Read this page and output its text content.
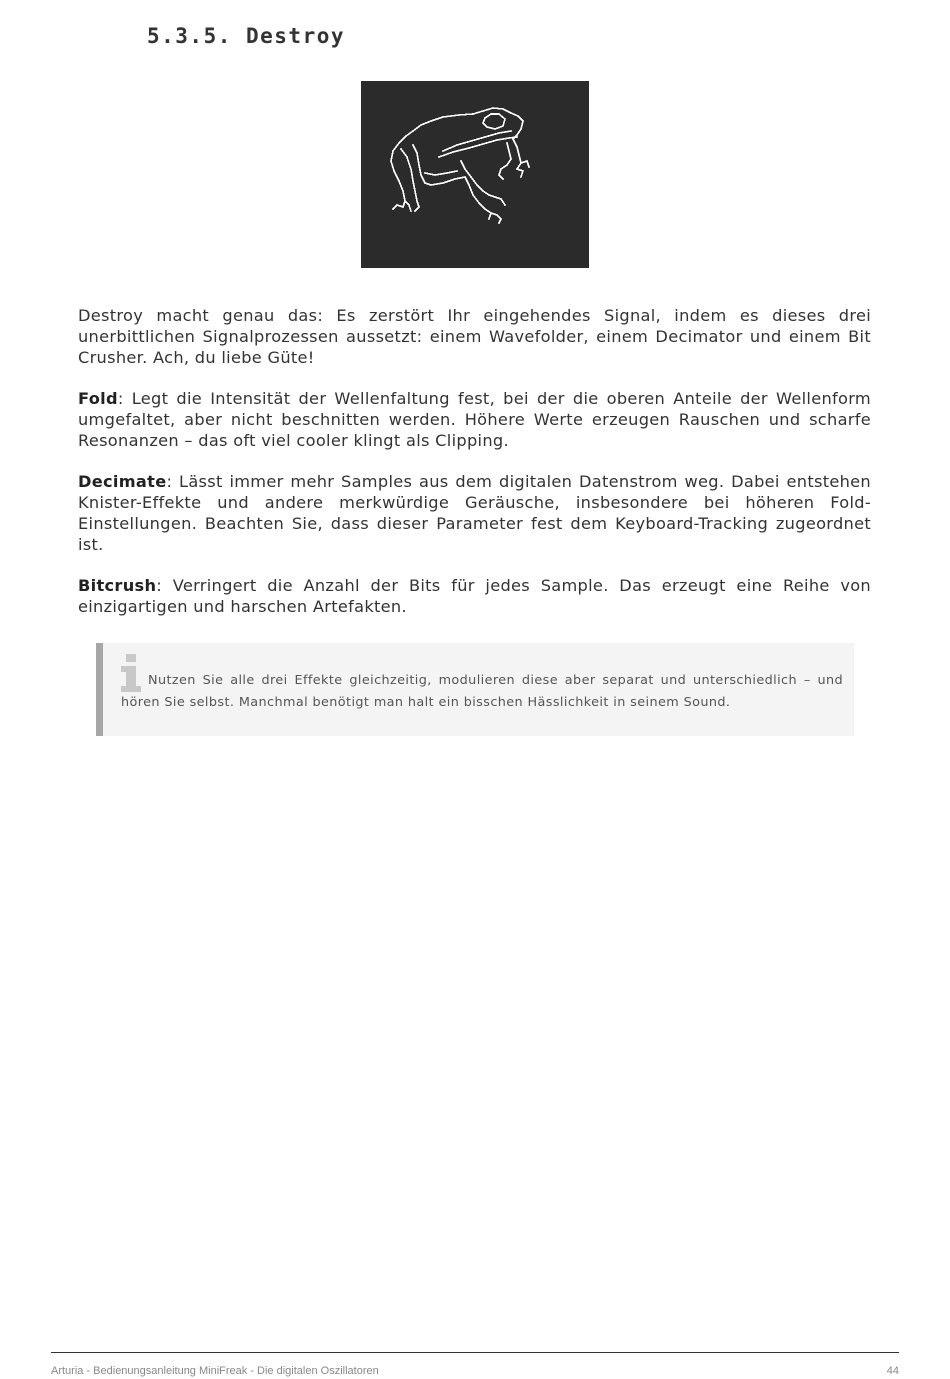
5.3.5. Destroy

Destroy macht genau das: Es zerstört Ihr eingehendes Signal, indem es dieses drei unerbittlichen Signalprozessen aussetzt: einem Wavefolder, einem Decimator und einem Bit Crusher. Ach, du liebe Güte!

Fold: Legt die Intensität der Wellenfaltung fest, bei der die oberen Anteile der Wellenform umgefaltet, aber nicht beschnitten werden. Höhere Werte erzeugen Rauschen und scharfe Resonanzen – das oft viel cooler klingt als Clipping.

Decimate: Lässt immer mehr Samples aus dem digitalen Datenstrom weg. Dabei entstehen Knister-Effekte und andere merkwürdige Geräusche, insbesondere bei höheren Fold-Einstellungen. Beachten Sie, dass dieser Parameter fest dem Keyboard-Tracking zugeordnet ist.

Bitcrush: Verringert die Anzahl der Bits für jedes Sample. Das erzeugt eine Reihe von einzigartigen und harschen Artefakten.

Nutzen Sie alle drei Effekte gleichzeitig, modulieren diese aber separat und unterschiedlich – und hören Sie selbst. Manchmal benötigt man halt ein bisschen Hässlichkeit in seinem Sound.

Arturia - Bedienungsanleitung MiniFreak - Die digitalen Oszillatoren	44
